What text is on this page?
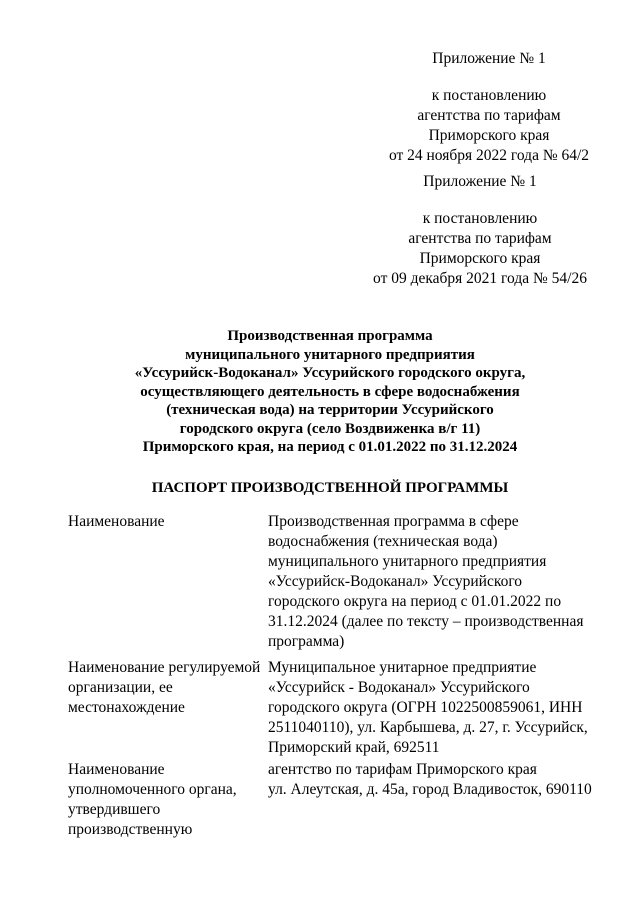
Приложение № 1
к постановлению
агентства по тарифам
Приморского края
от 24 ноября 2022 года № 64/2
Приложение № 1
к постановлению
агентства по тарифам
Приморского края
от 09 декабря 2021 года № 54/26
Производственная программа
муниципального унитарного предприятия
«Уссурийск-Водоканал» Уссурийского городского округа,
осуществляющего деятельность в сфере водоснабжения
(техническая вода) на территории Уссурийского
городского округа (село Воздвиженка в/г 11)
Приморского края, на период с 01.01.2022 по 31.12.2024
ПАСПОРТ ПРОИЗВОДСТВЕННОЙ ПРОГРАММЫ
Наименование	Производственная программа в сфере
водоснабжения (техническая вода)
муниципального унитарного предприятия
«Уссурийск-Водоканал» Уссурийского
городского округа на период с 01.01.2022 по
31.12.2024 (далее по тексту – производственная
программа)
Наименование регулируемой
организации, ее
местонахождение
Муниципальное унитарное предприятие
«Уссурийск - Водоканал» Уссурийского
городского округа (ОГРН 1022500859061, ИНН
2511040110), ул. Карбышева, д. 27, г. Уссурийск,
Приморский край, 692511
Наименование
уполномоченного органа,
утвердившего
производственную
агентство по тарифам Приморского края
ул. Алеутская, д. 45а, город Владивосток, 690110
